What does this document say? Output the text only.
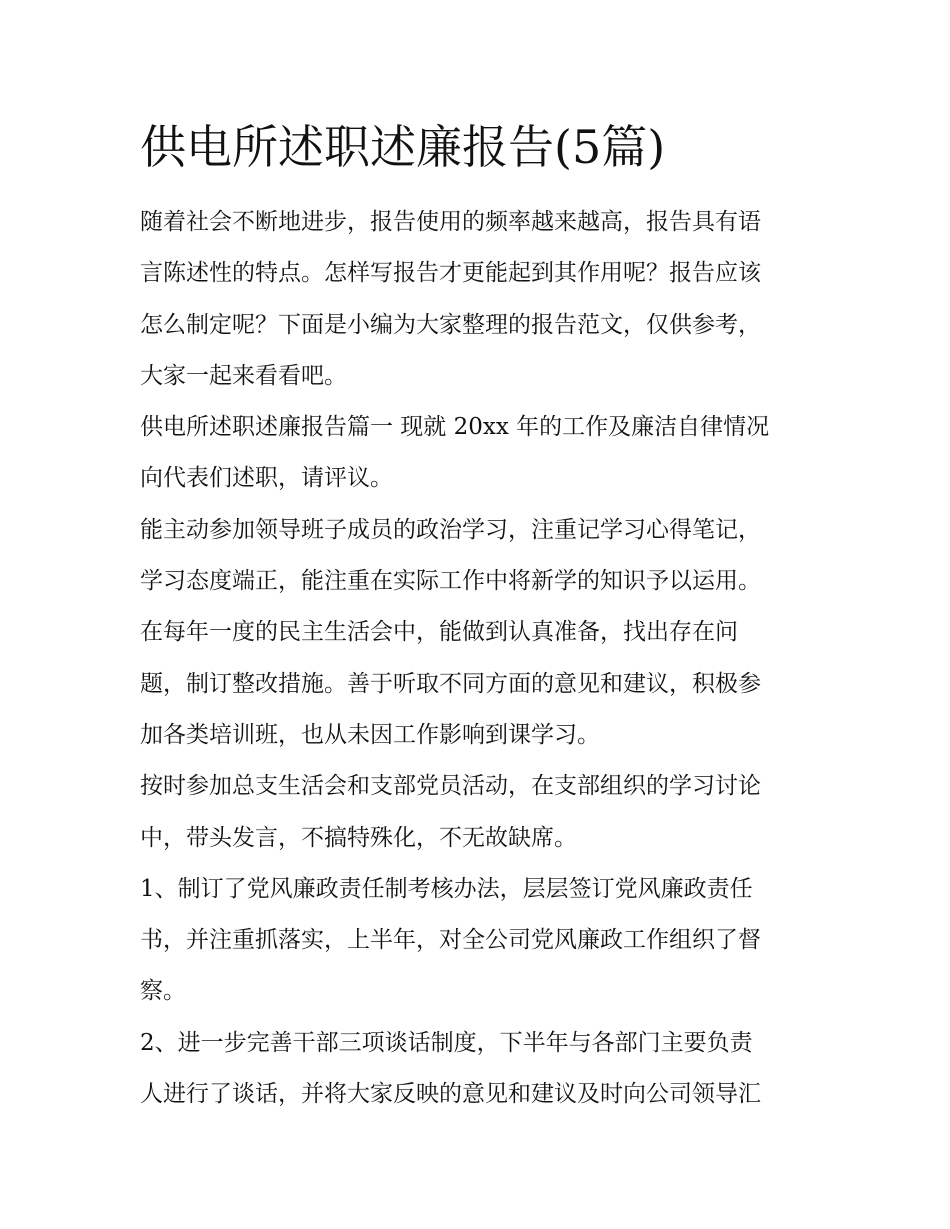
供电所述职述廉报告(5篇)
随着社会不断地进步，报告使用的频率越来越高，报告具有语
言陈述性的特点。怎样写报告才更能起到其作用呢？报告应该
怎么制定呢？下面是小编为大家整理的报告范文，仅供参考，
大家一起来看看吧。
供电所述职述廉报告篇一 现就 20xx 年的工作及廉洁自律情况
向代表们述职，请评议。
能主动参加领导班子成员的政治学习，注重记学习心得笔记，
学习态度端正，能注重在实际工作中将新学的知识予以运用。
在每年一度的民主生活会中，能做到认真准备，找出存在问
题，制订整改措施。善于听取不同方面的意见和建议，积极参
加各类培训班，也从未因工作影响到课学习。
按时参加总支生活会和支部党员活动，在支部组织的学习讨论
中，带头发言，不搞特殊化，不无故缺席。
1、制订了党风廉政责任制考核办法，层层签订党风廉政责任
书，并注重抓落实，上半年，对全公司党风廉政工作组织了督
察。
2、进一步完善干部三项谈话制度，下半年与各部门主要负责
人进行了谈话，并将大家反映的意见和建议及时向公司领导汇
